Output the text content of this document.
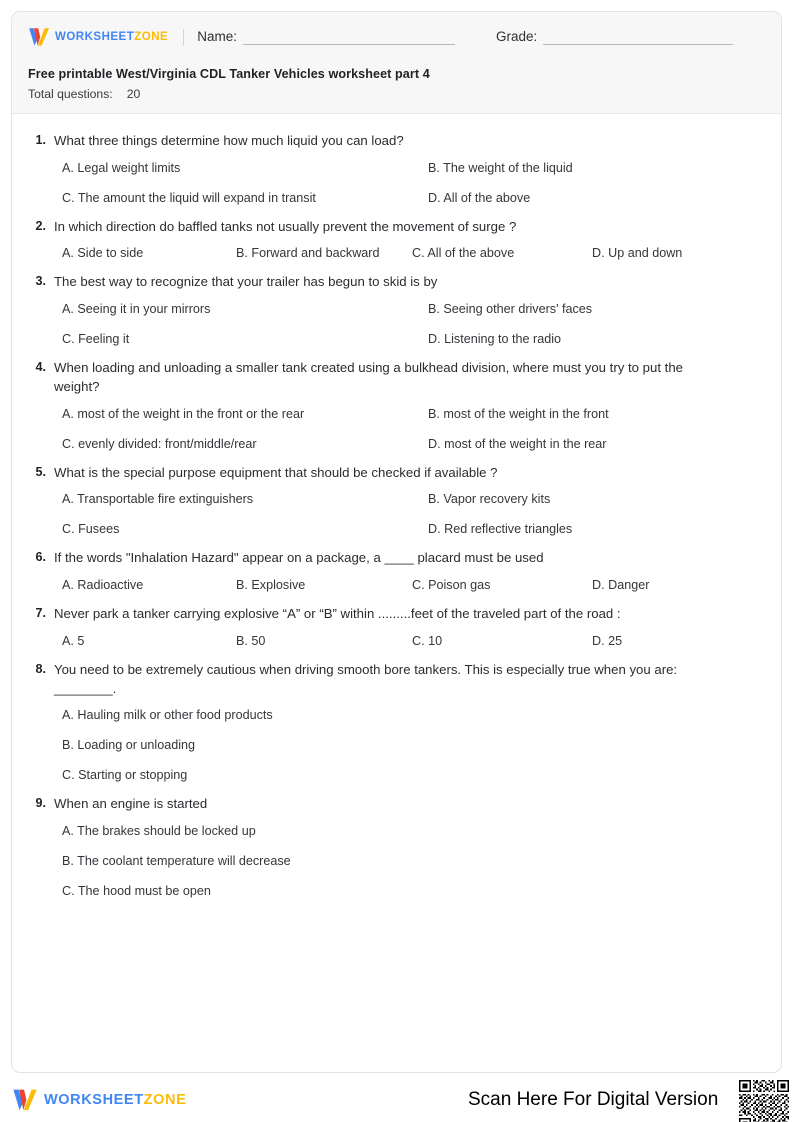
WORKSHEETZONE Name:	Grade:
Free printable West/Virginia CDL Tanker Vehicles worksheet part 4
Total questions: 20
1. What three things determine how much liquid you can load?
A. Legal weight limits	B. The weight of the liquid
C. The amount the liquid will expand in transit	D. All of the above
2. In which direction do baffled tanks not usually prevent the movement of surge ?
A. Side to side	B. Forward and backward	C. All of the above	D. Up and down
3. The best way to recognize that your trailer has begun to skid is by
A. Seeing it in your mirrors	B. Seeing other drivers' faces
C. Feeling it	D. Listening to the radio
4. When loading and unloading a smaller tank created using a bulkhead division, where must you try to put the weight?
A. most of the weight in the front or the rear	B. most of the weight in the front
C. evenly divided: front/middle/rear	D. most of the weight in the rear
5. What is the special purpose equipment that should be checked if available ?
A. Transportable fire extinguishers	B. Vapor recovery kits
C. Fusees	D. Red reflective triangles
6. If the words "Inhalation Hazard" appear on a package, a ____ placard must be used
A. Radioactive	B. Explosive	C. Poison gas	D. Danger
7. Never park a tanker carrying explosive “A” or “B” within .........feet of the traveled part of the road :
A. 5	B. 50	C. 10	D. 25
8. You need to be extremely cautious when driving smooth bore tankers. This is especially true when you are: ________.
A. Hauling milk or other food products
B. Loading or unloading
C. Starting or stopping
9. When an engine is started
A. The brakes should be locked up
B. The coolant temperature will decrease
C. The hood must be open
WORKSHEETZONE	Scan Here For Digital Version
